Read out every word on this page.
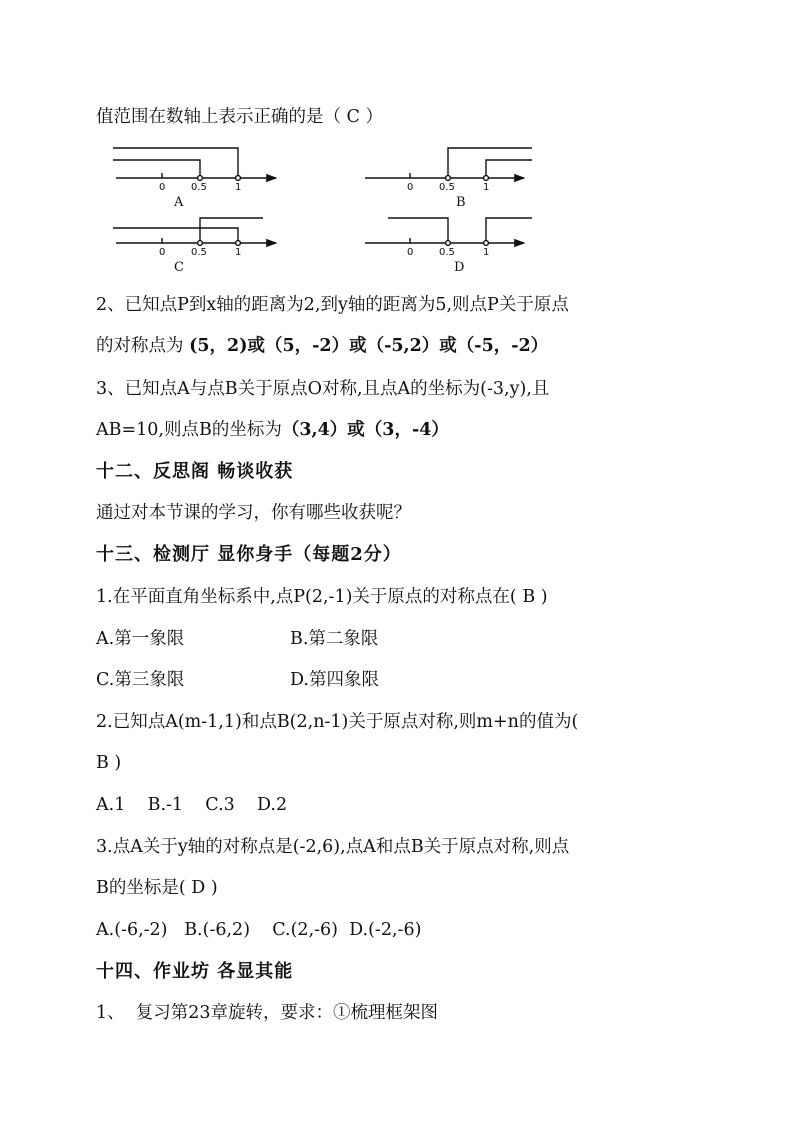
值范围在数轴上表示正确的是（ C ）
0	0.5	1	0	0.5	1
0	0.5	1	0	0.5	1
A	B
C	D
2、已知点P到x轴的距离为2,到y轴的距离为5,则点P关于原点
的对称点为 (5，2)或（5，-2）或（-5,2）或（-5，-2）
3、已知点A与点B关于原点O对称,且点A的坐标为(-3,y),且
AB=10,则点B的坐标为（3,4）或（3，-4）
十二、反思阁 畅谈收获
通过对本节课的学习，你有哪些收获呢？
十三、检测厅 显你身手（每题2分）
1.在平面直角坐标系中,点P(2,-1)关于原点的对称点在( B )
A.第一象限	B.第二象限
C.第三象限	D.第四象限
2.已知点A(m-1,1)和点B(2,n-1)关于原点对称,则m+n的值为(
B )
A.1    B.-1    C.3    D.2
3.点A关于y轴的对称点是(-2,6),点A和点B关于原点对称,则点
B的坐标是( D )
A.(-6,-2)   B.(-6,2)    C.(2,-6)  D.(-2,-6)
十四、作业坊 各显其能
1、  复习第23章旋转，要求：①梳理框架图
